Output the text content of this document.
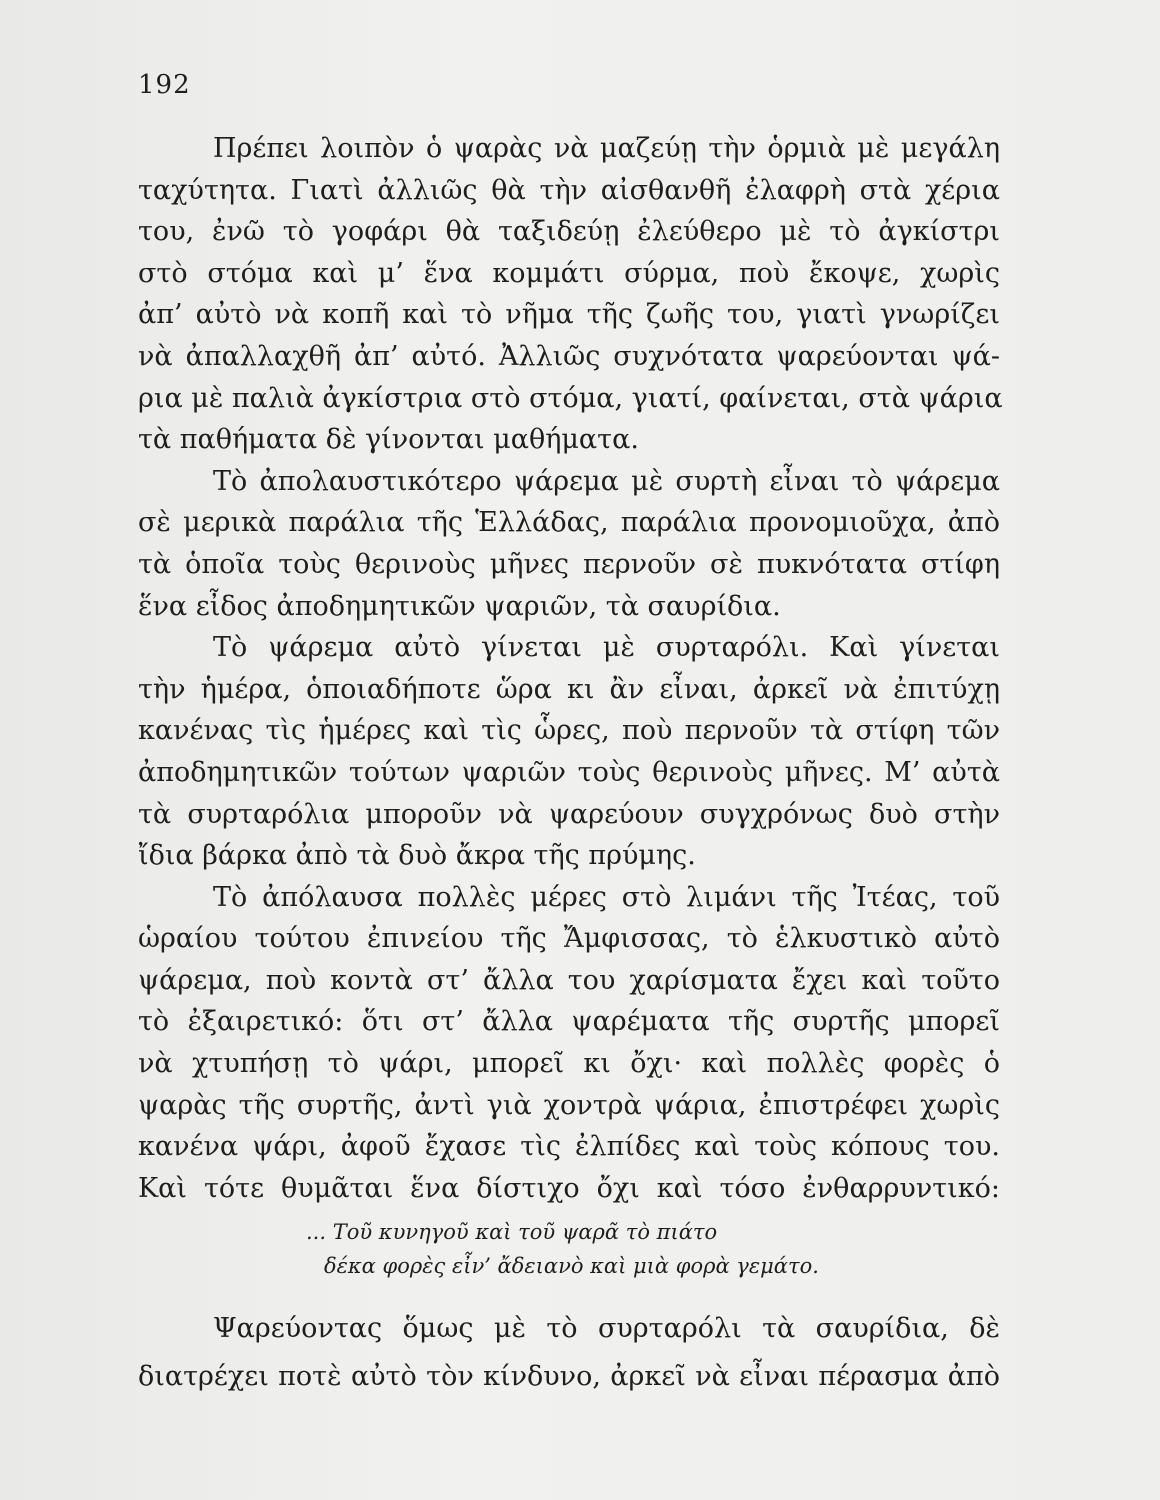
192
Πρέπει λοιπὸν ὁ ψαρὰς νὰ μαζεύῃ τὴν ὁρμιὰ μὲ μεγάλη
ταχύτητα. Γιατὶ ἀλλιῶς θὰ τὴν αἰσθανθῆ ἐλαφρὴ στὰ χέρια
του, ἐνῶ τὸ γοφάρι θὰ ταξιδεύῃ ἐλεύθερο μὲ τὸ ἀγκίστρι
στὸ στόμα καὶ μ’ ἕνα κομμάτι σύρμα, ποὺ ἔκοψε, χωρὶς
ἀπ’ αὐτὸ νὰ κοπῆ καὶ τὸ νῆμα τῆς ζωῆς του, γιατὶ γνωρίζει
νὰ ἀπαλλαχθῆ ἀπ’ αὐτό. Ἀλλιῶς συχνότατα ψαρεύονται ψά-
ρια μὲ παλιὰ ἀγκίστρια στὸ στόμα, γιατί, φαίνεται, στὰ ψάρια
τὰ παθήματα δὲ γίνονται μαθήματα.
Τὸ ἀπολαυστικότερο ψάρεμα μὲ συρτὴ εἶναι τὸ ψάρεμα
σὲ μερικὰ παράλια τῆς Ἑλλάδας, παράλια προνομιοῦχα, ἀπὸ
τὰ ὁποῖα τοὺς θερινοὺς μῆνες περνοῦν σὲ πυκνότατα στίφη
ἕνα εἶδος ἀποδημητικῶν ψαριῶν, τὰ σαυρίδια.
Τὸ ψάρεμα αὐτὸ γίνεται μὲ συρταρόλι. Καὶ γίνεται
τὴν ἡμέρα, ὁποιαδήποτε ὥρα κι ἂν εἶναι, ἀρκεῖ νὰ ἐπιτύχῃ
κανένας τὶς ἡμέρες καὶ τὶς ὧρες, ποὺ περνοῦν τὰ στίφη τῶν
ἀποδημητικῶν τούτων ψαριῶν τοὺς θερινοὺς μῆνες. Μ’ αὐτὰ
τὰ συρταρόλια μποροῦν νὰ ψαρεύουν συγχρόνως δυὸ στὴν
ἴδια βάρκα ἀπὸ τὰ δυὸ ἄκρα τῆς πρύμης.
Τὸ ἀπόλαυσα πολλὲς μέρες στὸ λιμάνι τῆς Ἰτέας, τοῦ
ὡραίου τούτου ἐπινείου τῆς Ἄμφισσας, τὸ ἑλκυστικὸ αὐτὸ
ψάρεμα, ποὺ κοντὰ στ’ ἄλλα του χαρίσματα ἔχει καὶ τοῦτο
τὸ ἐξαιρετικό: ὅτι στ’ ἄλλα ψαρέματα τῆς συρτῆς μπορεῖ
νὰ χτυπήσῃ τὸ ψάρι, μπορεῖ κι ὄχι· καὶ πολλὲς φορὲς ὁ
ψαρὰς τῆς συρτῆς, ἀντὶ γιὰ χοντρὰ ψάρια, ἐπιστρέφει χωρὶς
κανένα ψάρι, ἀφοῦ ἔχασε τὶς ἐλπίδες καὶ τοὺς κόπους του.
Καὶ τότε θυμᾶται ἕνα δίστιχο ὄχι καὶ τόσο ἐνθαρρυντικό:
... Τοῦ κυνηγοῦ καὶ τοῦ ψαρᾶ τὸ πιάτο
δέκα φορὲς εἶν’ ἄδειανὸ καὶ μιὰ φορὰ γεμάτο.
Ψαρεύοντας ὅμως μὲ τὸ συρταρόλι τὰ σαυρίδια, δὲ
διατρέχει ποτὲ αὐτὸ τὸν κίνδυνο, ἀρκεῖ νὰ εἶναι πέρασμα ἀπὸ
